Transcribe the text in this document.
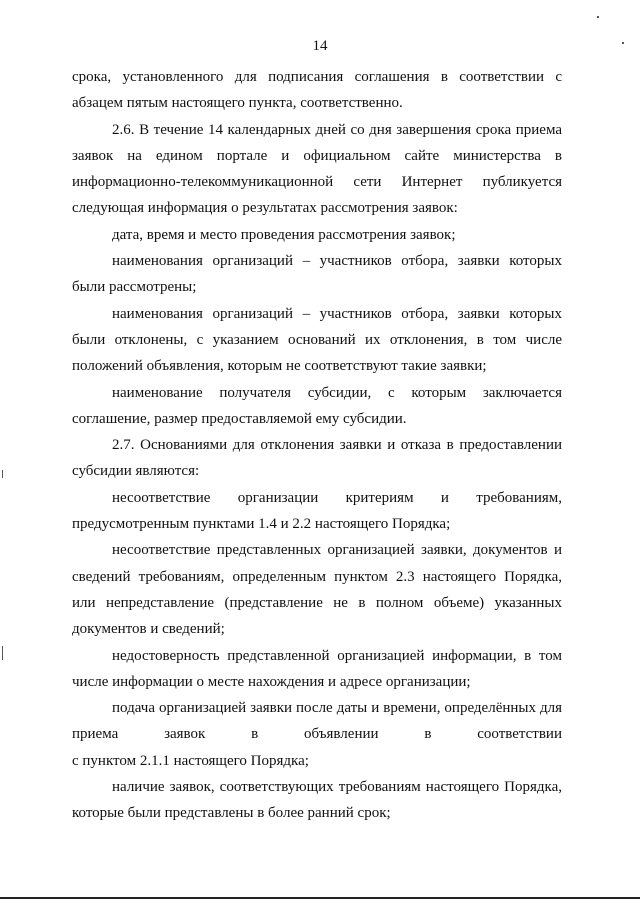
14

срока, установленного для подписания соглашения в соответствии с абзацем пятым настоящего пункта, соответственно.

2.6. В течение 14 календарных дней со дня завершения срока приема заявок на едином портале и официальном сайте министерства в информационно-телекоммуникационной сети Интернет публикуется следующая информация о результатах рассмотрения заявок:

дата, время и место проведения рассмотрения заявок;

наименования организаций – участников отбора, заявки которых были рассмотрены;

наименования организаций – участников отбора, заявки которых были отклонены, с указанием оснований их отклонения, в том числе положений объявления, которым не соответствуют такие заявки;

наименование получателя субсидии, с которым заключается соглашение, размер предоставляемой ему субсидии.

2.7. Основаниями для отклонения заявки и отказа в предоставлении субсидии являются:

несоответствие организации критериям и требованиям, предусмотренным пунктами 1.4 и 2.2 настоящего Порядка;

несоответствие представленных организацией заявки, документов и сведений требованиям, определенным пунктом 2.3 настоящего Порядка, или непредставление (представление не в полном объеме) указанных документов и сведений;

недостоверность представленной организацией информации, в том числе информации о месте нахождения и адресе организации;

подача организацией заявки после даты и времени, определённых для приема заявок в объявлении в соответствии

с пунктом 2.1.1 настоящего Порядка;

наличие заявок, соответствующих требованиям настоящего Порядка, которые были представлены в более ранний срок;
